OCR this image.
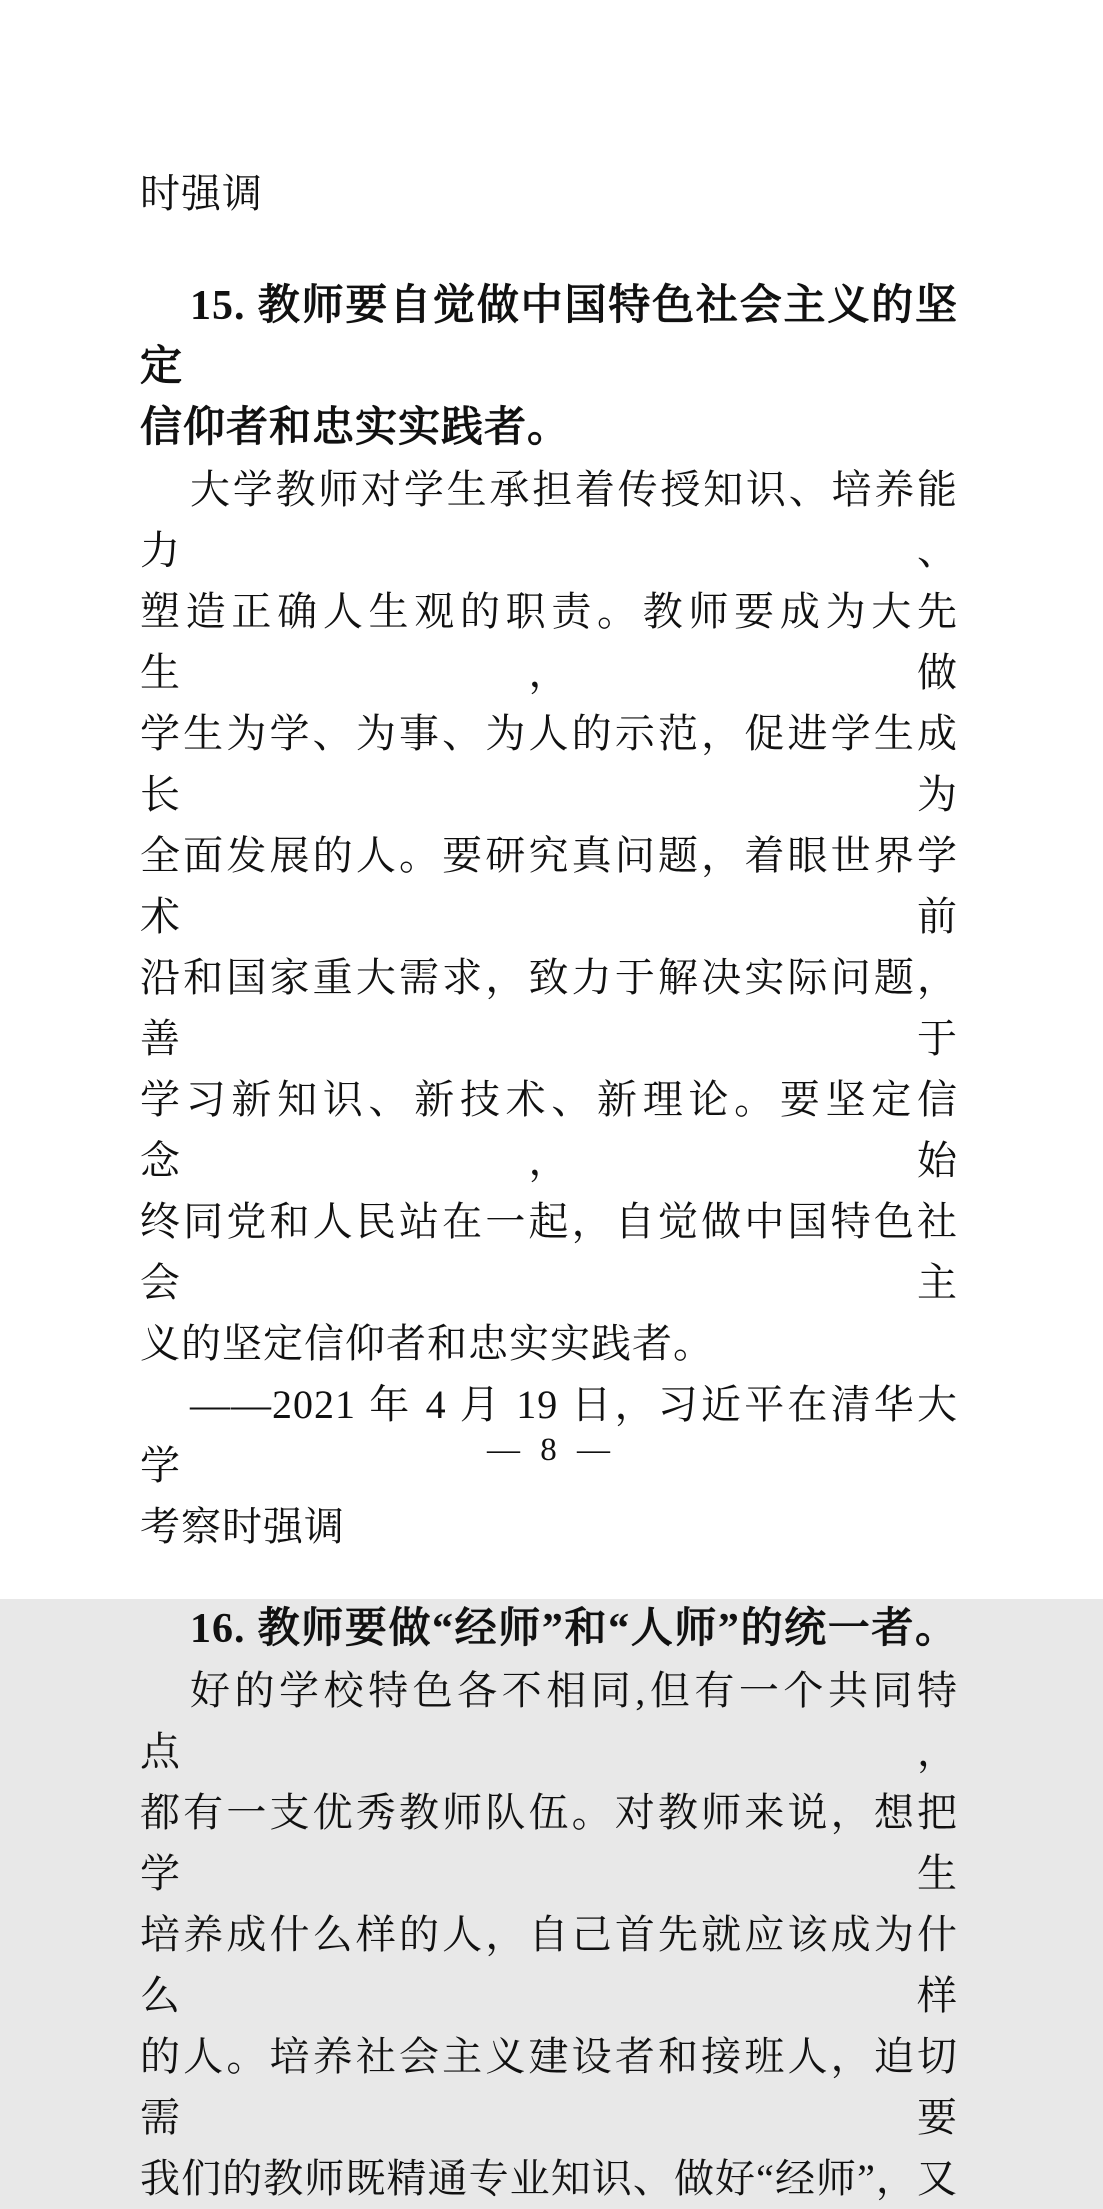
时强调
15. 教师要自觉做中国特色社会主义的坚定
信仰者和忠实实践者。
大学教师对学生承担着传授知识、培养能力、
塑造正确人生观的职责。教师要成为大先生，做
学生为学、为事、为人的示范，促进学生成长为
全面发展的人。要研究真问题，着眼世界学术前
沿和国家重大需求，致力于解决实际问题，善于
学习新知识、新技术、新理论。要坚定信念，始
终同党和人民站在一起，自觉做中国特色社会主
义的坚定信仰者和忠实实践者。
——2021 年 4 月 19 日，习近平在清华大学
考察时强调
16. 教师要做“经师”和“人师”的统一者。
好的学校特色各不相同,但有一个共同特点，
都有一支优秀教师队伍。对教师来说，想把学生
培养成什么样的人，自己首先就应该成为什么样
的人。培养社会主义建设者和接班人，迫切需要
我们的教师既精通专业知识、做好“经师”，又
— 8 —
